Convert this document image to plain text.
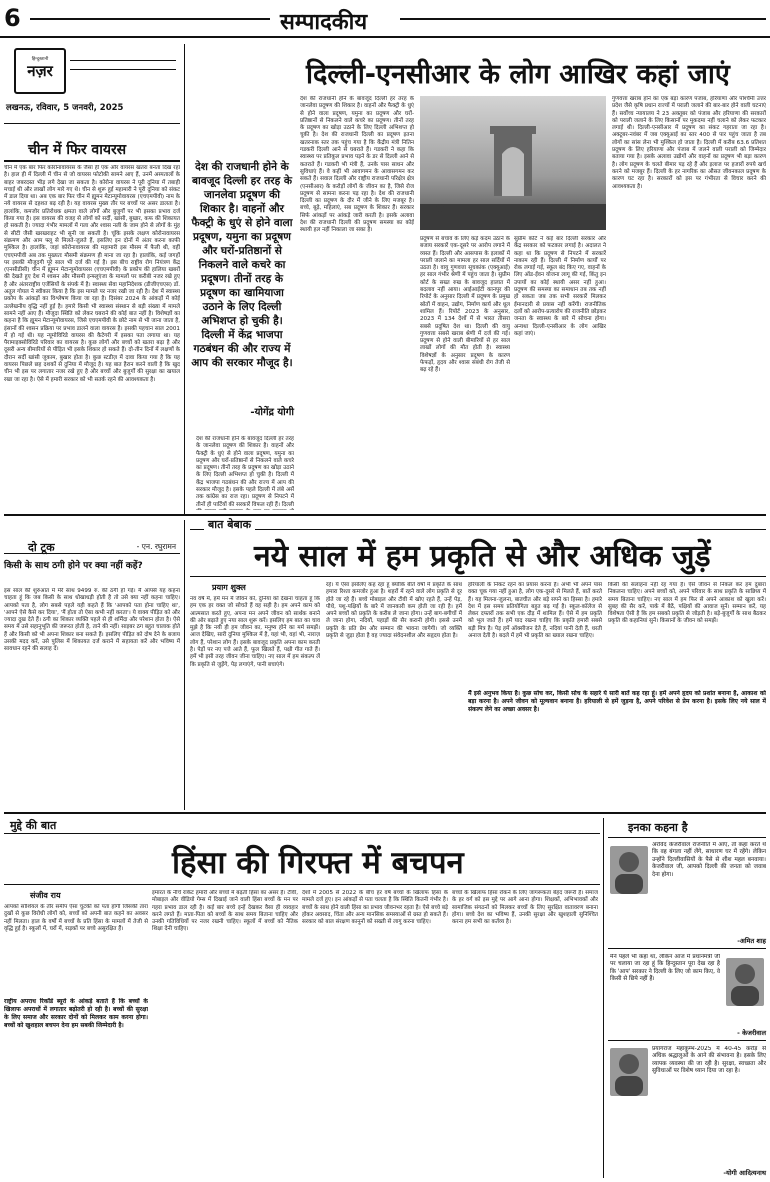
6	सम्पादकीय
हिन्दुस्तानी
नज़र
लखनऊ, रविवार, 5 जनवरी, 2025
चीन में फिर वायरस
चीन में एक बार फिर कोरोनावायरस के जैसा ही एक और वायरस खतरा बनता दिख रहा है। हाल ही में दिल्ली में चीन से जो वायरस फोटोकी सामने आए हैं, उनमें अस्पतालों के बाहर जबरदस्त भीड़ लगे देखा जा सकता है। कोरोना वायरस ने पूरी दुनिया में तबाही मचाई थी और लाखों लोग मारे गए थे। चीन से शुरू हुई महामारी ने पूरी दुनिया को संकट में डाल दिया था। अब एक बार फिर चीन में ह्यूमन मेटान्यूमोवायरस (एचएमपीवी) नाम के नये वायरस से दहशत बढ़ रही है। यह वायरस मुख्य तौर पर बच्चों पर असर डालता है। हालांकि, कमजोर प्रतिरोधक क्षमता वाले लोगों और बुजुर्गों पर भी इसका प्रभाव दर्ज किया गया है। इस वायरस की वजह से लोगों को सर्दी, खांसी, बुखार, कफ की शिकायत हो सकती है। ज्यादा गंभीर मामलों में गला और श्वास नली के जाम होने से लोगों के मुंह से सीटी जैसी खरखराहट भी सुनी जा सकती है। चूंकि इसके लक्षण कोरोनावायरस संक्रमण और आम फ्लू से मिलते-जुलते हैं, इसलिए इन दोनों में अंतर करना काफी मुश्किल है। हालांकि, जहां कोरोनावायरस की महामारी इस मौसम में फैली थी, वहीं एचएमपीवी अब तक मुख्यतः मौसमी संक्रमण ही माना जा रहा है। हालांकि, कई जगहों पर इसकी मौजूदगी पूरे साल भी दर्ज की गई है। इस बीच राष्ट्रीय रोग नियंत्रण केंद्र (एनसीडीसी) चीन में ह्यूमन मेटान्यूमोवायरस (एचएमपीवी) के प्रकोप की हालिया खबरों की देखते हुए देश में श्वसन और मौसमी इन्फ्लूएंजा के मामलों पर करीबी नजर रखे हुए है और अंतरराष्ट्रीय एजेंसियों के संपर्क में है। स्वास्थ्य सेवा महानिदेशक (डीजीएचएस) डॉ. अतुल गोयल ने स्वीकार किया है कि इस मामले पर नजर रखी जा रही है। देश में स्वास्थ्य प्रकोप के आंकड़ों का विश्लेषण किया जा रहा है। दिसंबर 2024 के आंकड़ों में कोई उल्लेखनीय वृद्धि नहीं हुई है। हमारे किसी भी स्वास्थ्य संस्थान से बड़ी संख्या में मामले सामने नहीं आए हैं। मौजूदा स्थिति को लेकर घबराने की कोई बात नहीं है। विशेषज्ञों का कहना है कि ह्यूमन मेटान्यूमोवायरस, जिसे एचएमपीवी के छोटे नाम से भी जाना जाता है, इंसानों की श्वसन प्रक्रिया पर प्रभाव डालने वाला वायरस है। इसकी पहचान साल 2001 में हो गई थी। यह न्यूमोविरिडे वायरस की कैटेगरी में इसका पता लगाया था। यह पैरामाइक्सोविरिडे परिवार का वायरस है। कुछ लोगों और बच्चों को खतरा बढ़ा है और दूसरी अन्य बीमारियों से पीड़ित भी इसके शिकार हो सकते हैं। दो-तीन दिनों में लक्षणों के दौरान सर्दी खांसी जुकाम, बुखार होता है। कुछ स्टडीज़ में दावा किया गया है कि यह वायरस पिछले छह दशकों से दुनिया में मौजूद है। यह बात हैरान करने वाली है कि खुद चीन भी इस पर लगातार नजर रखे हुए है और बच्चों और बुजुर्गों की सुरक्षा का खयाल रखा जा रहा है। ऐसे में हमारी सरकार को भी सतर्क रहने की आवश्यकता है।
दिल्ली-एनसीआर के लोग आखिर कहां जाएं
देश की राजधानी होने के बावजूद दिल्ली हर तरह के जानलेवा प्रदूषण की शिकार है। वाहनों और फैक्ट्री के धुएं से होने वाला प्रदूषण, यमुना का प्रदूषण और घरों-प्रतिष्ठानों से निकलने वाले कचरे का प्रदूषण। तीनों तरह के प्रदूषण का खामियाजा उठाने के लिए दिल्ली अभिशप्त हो चुकी है। दिल्ली में केंद्र भाजपा गठबंधन की और राज्य में आप की सरकार मौजूद है।
-योगेंद्र योगी
देश की राजधानी होने के बावजूद दिल्ली हर तरह के जानलेवा प्रदूषण की शिकार है। वाहनों और फैक्ट्री के धुएं से होने वाला प्रदूषण, यमुना का प्रदूषण और घरों-प्रतिष्ठानों से निकलने वाले कचरे का प्रदूषण। तीनों तरह के प्रदूषण का खोड़ा उठाने के लिए दिल्ली अभिशप्त हो चुकी है। देश की राजधानी दिल्ली का प्रदूषण इतना खतरनाक स्तर तक पहुंच गया है कि केंद्रीय मंत्री नितिन गडकरी दिल्ली आने से घबराते हैं। गडकरी ने कहा कि स्वास्थ्य पर प्रतिकूल प्रभाव पड़ने के डर से दिल्ली आने से कतराते हैं। गडकरी भी मंत्री हैं, उनके पास साधन और सुविधाएं हैं। वे कहीं भी आवागमन के आवासगमन कर सकते हैं। सवाल दिल्ली और राष्ट्रीय राजधानी परिक्षेत्र क्षेत्र (एनसीआर) के करोड़ों लोगों के जीवन का है, जिसे रोज प्रदूषण से सामना करना पड़ रहा है। देश की राजधानी दिल्ली का प्रदूषण के दौर में जीने के लिए मजबूर है। बच्चे, बूढ़े, महिलाएं, सब प्रदूषण के शिकार हैं। सरकार सिर्फ आंकड़ों पर आंकड़े जारी करती है। इसके अलावा देश की राजधानी दिल्ली की प्रदूषण समस्या का कोई स्थायी हल नहीं निकाला जा सका है।
प्रदूषण से बचाव के लिए कड़े कदम उठाने के बजाय सरकारें एक-दूसरे पर आरोप लगाने में व्यस्त हैं। दिल्ली और आसपास के इलाकों में पराली जलाने का मामला हर साल सर्दियों में उठता है। वायु गुणवत्ता सूचकांक (एक्यूआई) हर साल गंभीर श्रेणी में पहुंच जाता है। सुप्रीम कोर्ट के सख्त रुख के बावजूद हालात में बदलाव नहीं आया। आईआईटी कानपुर की रिपोर्ट के अनुसार दिल्ली में प्रदूषण के प्रमुख स्रोतों में वाहन, उद्योग, निर्माण कार्य और धूल शामिल हैं। रिपोर्ट 2023 के अनुसार, 2023 में 134 देशों में से भारत तीसरा सबसे प्रदूषित देश था। दिल्ली की वायु गुणवत्ता सबसे खराब श्रेणी में दर्ज की गई। प्रदूषण से होने वाली बीमारियों से हर साल लाखों लोगों की मौत होती है। स्वास्थ्य विशेषज्ञों के अनुसार प्रदूषण के कारण फेफड़ों, हृदय और श्वास संबंधी रोग तेजी से बढ़ रहे हैं।
सुप्रीम कोर्ट ने कई बार दिल्ली सरकार और केंद्र सरकार को फटकार लगाई है। अदालत ने कहा था कि प्रदूषण से निपटने में सरकारें नाकाम रही हैं। दिल्ली में निर्माण कार्यों पर रोक लगाई गई, स्कूल बंद किए गए, वाहनों के लिए ऑड-ईवन योजना लागू की गई, किंतु इन उपायों का कोई स्थायी असर नहीं हुआ। प्रदूषण की समस्या का समाधान तब तक नहीं हो सकता जब तक सभी सरकारें मिलकर ईमानदारी से प्रयास नहीं करेंगी। राजनीतिक दलों को आरोप-प्रत्यारोप की राजनीति छोड़कर जनता के स्वास्थ्य के बारे में सोचना होगा। अन्यथा दिल्ली-एनसीआर के लोग आखिर कहां जाएं।
गुणवत्ता खराब होने का एक बड़ा कारण पंजाब, हरियाणा और पश्चिमी उत्तर प्रदेश जैसे कृषि प्रधान राज्यों में पराली जलाने की बार-बार होने वाली घटनाएं हैं। सर्वोच्च न्यायालय ने 23 अक्तूबर को पंजाब और हरियाणा की सरकारों को पराली जलाने के लिए किसानों पर मुकदमा नहीं चलाने को लेकर फटकार लगाई थी। दिल्ली-एनसीआर में प्रदूषण का संकट गहराता जा रहा है। अक्टूबर-नवंबर में जब एक्यूआई का स्तर 400 से पार पहुंच जाता है तब लोगों का सांस लेना भी मुश्किल हो जाता है। दिल्ली में करीब 63.6 प्रतिशत प्रदूषण के लिए हरियाणा और पंजाब में जलने वाली पराली को जिम्मेदार बताया गया है। इसके अलावा उद्योगों और वाहनों का प्रदूषण भी बड़ा कारण है। लोग प्रदूषण के चलते बीमार पड़ रहे हैं और इलाज पर हजारों रुपये खर्च करने को मजबूर हैं। दिल्ली के हर नागरिक का औसत जीवनकाल प्रदूषण के कारण घट रहा है। सरकारों को इस पर गंभीरता से विचार करने की आवश्यकता है।
देश की राजधानी होने के बावजूद दिल्ली हर तरह के जानलेवा प्रदूषण की शिकार है। वाहनों और फैक्ट्री के धुएं से होने वाला प्रदूषण, यमुना का प्रदूषण और घरों-प्रतिष्ठानों से निकलने वाले कचरे का प्रदूषण। तीनों तरह के प्रदूषण का खोड़ा उठाने के लिए दिल्ली अभिशप्त हो चुकी है। दिल्ली में केंद्र भाजपा गठबंधन की और राज्य में आप की सरकार मौजूद है। इसके पहले दिल्ली में लंबे अर्से तक कांग्रेस का राज रहा। प्रदूषण से निपटने में तीनों ही पार्टियों की सरकारें विफल रही हैं। दिल्ली
दो टूक	- एन. रघुरामन
किसी के साथ ठगी होने पर क्या नहीं कहें?
इस साल की शुरुआत में मेरे साथ 9499 रु. की ठगी हो गई। मैं आपसे यह कहना चाहता हूं कि जब किसी के साथ धोखाधड़ी होती है तो उसे क्या नहीं कहना चाहिए। आपको पता है, लोग सबसे पहले यही कहते हैं कि 'आपको पता होना चाहिए था', 'आपने ऐसे कैसे कर दिया', 'मैं होता तो ऐसा कभी नहीं करता'। ये वाक्य पीड़ित को और ज्यादा दुख देते हैं। ठगी का शिकार व्यक्ति पहले से ही शर्मिंदा और परेशान होता है। ऐसे समय में उसे सहानुभूति की जरूरत होती है, ताने की नहीं। साइबर ठग बहुत चालाक होते हैं और किसी को भी अपना शिकार बना सकते हैं। इसलिए पीड़ित को दोष देने के बजाय उसकी मदद करें, उसे पुलिस में शिकायत दर्ज कराने में सहायता करें और भविष्य में सावधान रहने की सलाह दें।
बात बेबाक
नये साल में हम प्रकृति से और अधिक जुड़ें
प्रयाग शुक्ल
नव वर्ष में, हमें मन में जीवन को, दुनिया को देखना चाहता हूं कि हम एक हर वक्त जो सोचते हैं वह सही है। हम अपने काम को आत्मसात करते हुए, अपना मन अपने जीवन को सार्थक बनाने की ओर बढ़ाते हुए नया साल शुरू करें। इसलिए हम बात का चाव मुझे है कि नयी ही हम जीवन का, मनुष्य होने का मर्म समझें। आज देखिए, सारी दुनिया मुश्किल में है, यहां भी, वहां भी, नाराज़ लोग हैं, परेशान लोग हैं। इसके बावजूद प्रकृति अपना काम करती है। पेड़ों पर नए पत्ते आते हैं, फूल खिलते हैं, पक्षी गीत गाते हैं। हमें भी इसी तरह जीवन जीना चाहिए। नए साल में हम संकल्प लें कि प्रकृति से जुड़ेंगे, पेड़ लगाएंगे, पानी बचाएंगे।
रहें। ये ऐसा इसलिए कह रहा हूं क्योंकि बीते वर्षों में प्रकृति के साथ हमारा रिश्ता कमजोर हुआ है। शहरों में रहने वाले लोग प्रकृति से दूर होते जा रहे हैं। बच्चे मोबाइल और टीवी में खोए रहते हैं, उन्हें पेड़, पौधे, पशु-पक्षियों के बारे में जानकारी कम होती जा रही है। हमें अपने बच्चों को प्रकृति के करीब ले जाना होगा। उन्हें बाग-बगीचों में ले जाना होगा, नदियों, पहाड़ों की सैर करानी होगी। इससे उनमें प्रकृति के प्रति प्रेम और सम्मान की भावना जागेगी। जो व्यक्ति प्रकृति से जुड़ा होता है वह ज्यादा संवेदनशील और सहृदय होता है।
हरियाली के निकट रहने का प्रयास करना है। अभी भी अपने पास वक्त चूक गया नहीं हुआ है, लोग एक-दूसरे से मिलते हैं, बातें करते हैं। यह मिलना-जुलना, बातचीत और बड़े सपने का हिस्सा है। हमारे देश में इस समय प्रतियोगिता बहुत बढ़ गई है। स्कूल-कॉलेज से लेकर दफ्तरों तक सभी एक दौड़ में शामिल हैं। ऐसे में हम प्रकृति को भूल जाते हैं। हमें याद रखना चाहिए कि प्रकृति हमारी सबसे बड़ी मित्र है। पेड़ हमें ऑक्सीजन देते हैं, नदियां पानी देती हैं, धरती अनाज देती है। बदले में हमें भी प्रकृति का ख्याल रखना चाहिए।
मैं इसे अनुभव किया है। कुछ सोच कर, किसी सोच के सहारे ये सारी बातें कह रहा हूं। हमें अपने हृदय को प्रशांत बनाना है, आकाश को बड़ा करना है। अपने जीवन को मूल्यवान बनाना है। हरियाली से हमें जुड़ना है, अपने परिवेश से प्रेम करना है। इसके लिए नये साल में संकल्प लेने का अच्छा अवसर है।
किसी की सलाहना नहीं रह गया है। ऐसे जीवन से निकल कर हम दुबारा निकलना चाहिए। अपने बच्चों को, अपने परिवार के साथ प्रकृति के सान्निध्य में समय बिताना चाहिए। नए साल में हम फिर से अपने आकाश को खुला करें। सुबह की सैर करें, पार्क में बैठें, पक्षियों की आवाज सुनें। सम्मान करें, यह विशेषता ऐसी है कि हम सबको प्रकृति से जोड़ती है। बड़े-बुजुर्गों के साथ बैठकर प्रकृति की कहानियां सुनें। किसानों के जीवन को समझें।
मुद्दे की बात
हिंसा की गिरफ्त में बचपन
संजीव राय
आपको सोशियल के तौर समीप ऐसा चुटकी को पता होगी जिसकी तारा दुखों से कुछ विरोधी लोगों को, बच्चों को अपनी बात कहने का अवसर नहीं मिलता। हाल के वर्षों में बच्चों के प्रति हिंसा के मामलों में तेजी से वृद्धि हुई है। स्कूलों में, घरों में, सड़कों पर बच्चे असुरक्षित हैं।
राष्ट्रीय अपराध रिकॉर्ड ब्यूरो के आंकड़े बताते हैं कि बच्चों के खिलाफ अपराधों में लगातार बढ़ोतरी हो रही है। बच्चों की सुरक्षा के लिए समाज और सरकार दोनों को मिलकर काम करना होगा। बच्चों को खुशहाल बचपन देना हम सबकी जिम्मेदारी है।
इमारत के नीचे राकेट हमारी और बच्चों में बढ़ती हिंसा का असर है। टीवी, मोबाइल और वीडियो गेम्स में दिखाई जाने वाली हिंसा बच्चों के मन पर गहरा प्रभाव डाल रही है। कई बार बच्चे इन्हें देखकर वैसा ही व्यवहार करने लगते हैं। माता-पिता को बच्चों के साथ समय बिताना चाहिए और उनकी गतिविधियों पर नजर रखनी चाहिए। स्कूलों में बच्चों को नैतिक शिक्षा देनी चाहिए।
देशों में 2005 से 2022 के बीच हर वर्ष बच्चों के खिलाफ हिंसा के मामले दर्ज हुए। इन आंकड़ों से पता चलता है कि स्थिति कितनी गंभीर है। बच्चों के साथ होने वाली हिंसा का प्रभाव जीवनभर रहता है। ऐसे बच्चे बड़े होकर अवसाद, चिंता और अन्य मानसिक समस्याओं से ग्रस्त हो सकते हैं। सरकार को बाल संरक्षण कानूनों को सख्ती से लागू करना चाहिए।
बच्चों के खिलाफ हिंसा रोकने के लिए जागरूकता बेहद जरूरी है। समाज के हर वर्ग को इस मुद्दे पर आगे आना होगा। शिक्षकों, अभिभावकों और सामाजिक संगठनों को मिलकर बच्चों के लिए सुरक्षित वातावरण बनाना होगा। बच्चे देश का भविष्य हैं, उनकी सुरक्षा और खुशहाली सुनिश्चित करना हम सभी का कर्तव्य है।
इनका कहना है
अरविंद केजरीवाल राजनीति में आए, तो कहा करते थे कि वह बंगला नहीं लेंगे, साधारण घर में रहेंगे। लेकिन उन्होंने दिल्लीवासियों के पैसे से शीश महल बनवाया। केजरीवाल जी, आपको दिल्ली की जनता को जवाब देना होगा।
-अमित शाह
मैंने पहले भी कहा था, लेकिन आज मैं प्रधानमंत्री जी पर चलाया जा रहा हूं कि हिन्दुस्तान पूरा देख रहा है कि 'आप' सरकार ने दिल्ली के लिए जो काम किए, वे किसी से छिपे नहीं हैं।
- केजरीवाल
प्रयागराज महाकुम्भ-2025 में 40-45 करोड़ से अधिक श्रद्धालुओं के आने की संभावना है। इसके लिए व्यापक व्यवस्था की जा रही है। सुरक्षा, स्वच्छता और सुविधाओं पर विशेष ध्यान दिया जा रहा है।
-योगी आदित्यनाथ
